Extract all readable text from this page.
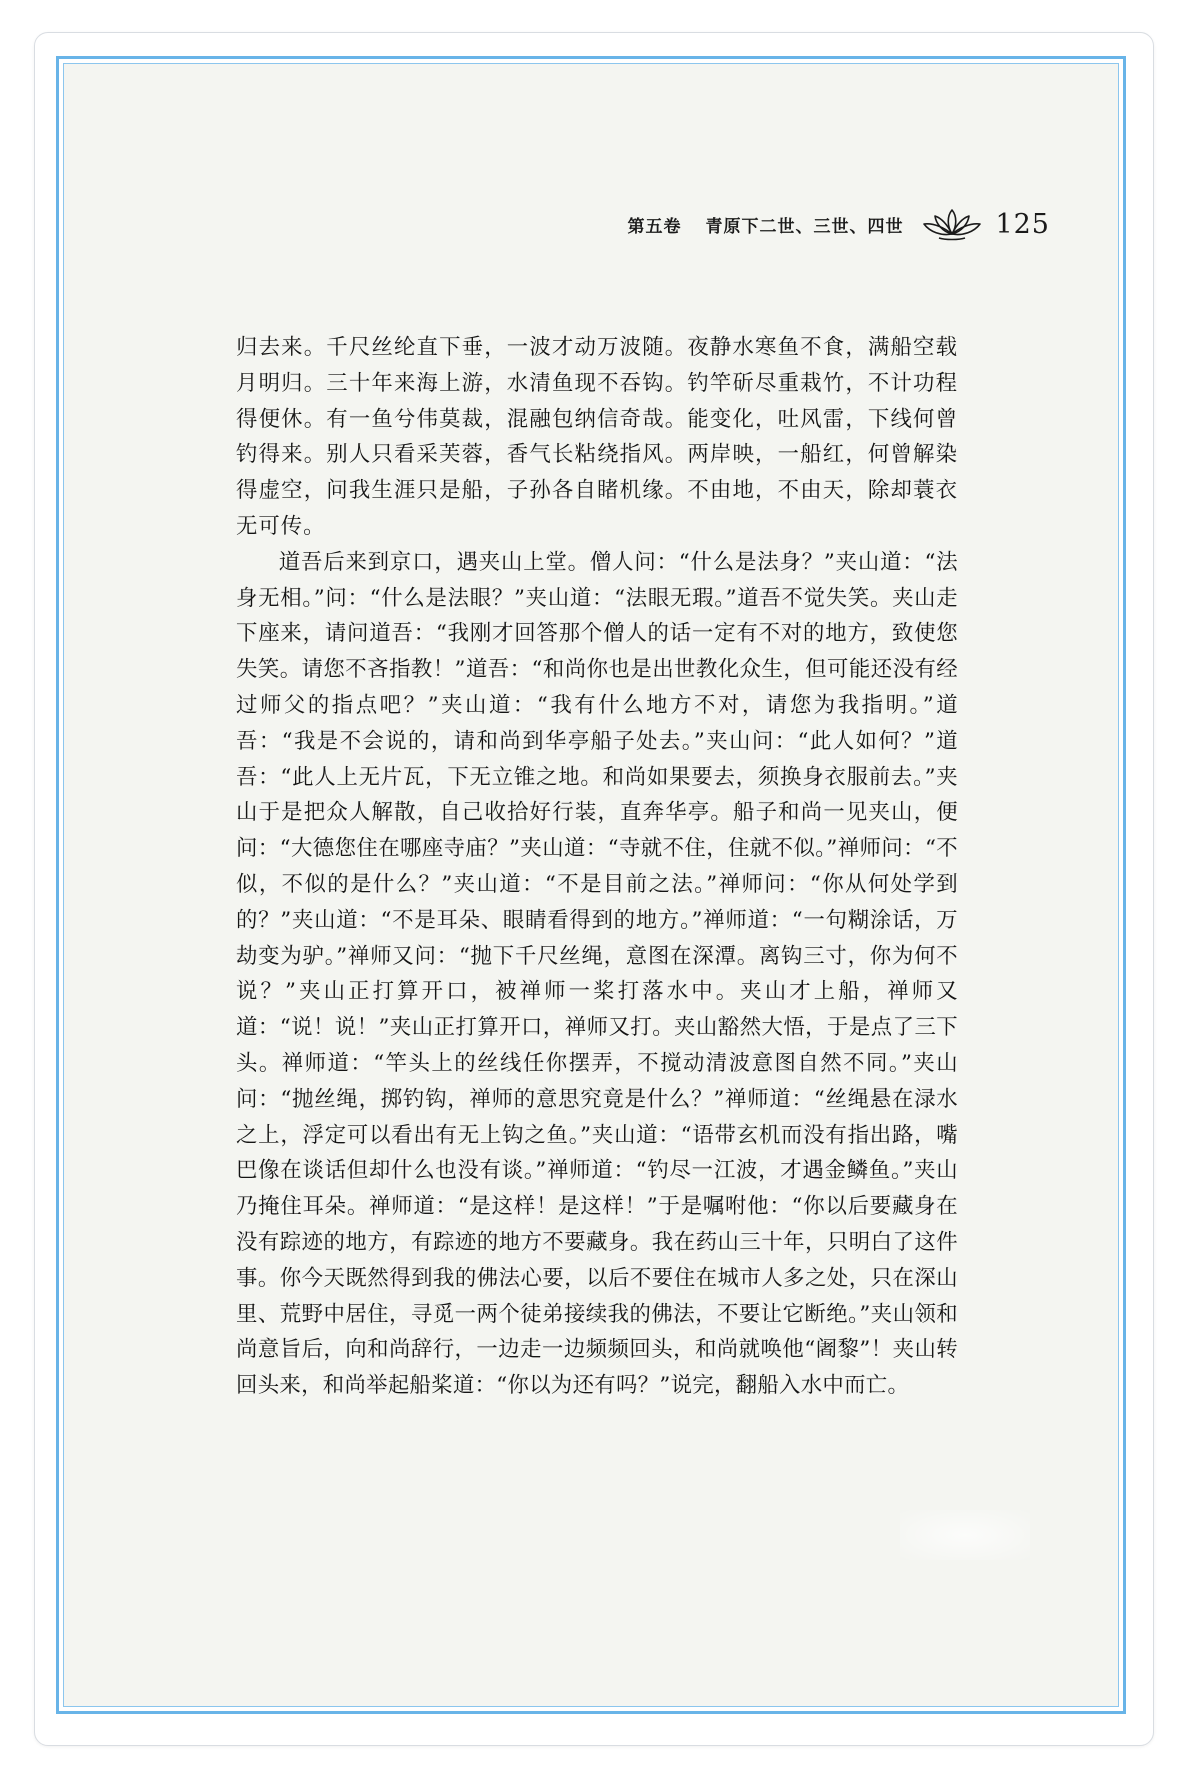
第五卷 青原下二世、三世、四世	125

归去来。千尺丝纶直下垂，一波才动万波随。夜静水寒鱼不食，满船空载月明归。三十年来海上游，水清鱼现不吞钩。钓竿斫尽重栽竹，不计功程得便休。有一鱼兮伟莫裁，混融包纳信奇哉。能变化，吐风雷，下线何曾钓得来。别人只看采芙蓉，香气长粘绕指风。两岸映，一船红，何曾解染得虚空，问我生涯只是船，子孙各自睹机缘。不由地，不由天，除却蓑衣无可传。

道吾后来到京口，遇夹山上堂。僧人问：“什么是法身？”夹山道：“法身无相。”问：“什么是法眼？”夹山道：“法眼无瑕。”道吾不觉失笑。夹山走下座来，请问道吾：“我刚才回答那个僧人的话一定有不对的地方，致使您失笑。请您不吝指教！”道吾：“和尚你也是出世教化众生，但可能还没有经过师父的指点吧？”夹山道：“我有什么地方不对，请您为我指明。”道吾：“我是不会说的，请和尚到华亭船子处去。”夹山问：“此人如何？”道吾：“此人上无片瓦，下无立锥之地。和尚如果要去，须换身衣服前去。”夹山于是把众人解散，自己收拾好行装，直奔华亭。船子和尚一见夹山，便问：“大德您住在哪座寺庙？”夹山道：“寺就不住，住就不似。”禅师问：“不似，不似的是什么？”夹山道：“不是目前之法。”禅师问：“你从何处学到的？”夹山道：“不是耳朵、眼睛看得到的地方。”禅师道：“一句糊涂话，万劫变为驴。”禅师又问：“抛下千尺丝绳，意图在深潭。离钩三寸，你为何不说？”夹山正打算开口，被禅师一桨打落水中。夹山才上船，禅师又道：“说！说！”夹山正打算开口，禅师又打。夹山豁然大悟，于是点了三下头。禅师道：“竿头上的丝线任你摆弄，不搅动清波意图自然不同。”夹山问：“抛丝绳，掷钓钩，禅师的意思究竟是什么？”禅师道：“丝绳悬在渌水之上，浮定可以看出有无上钩之鱼。”夹山道：“语带玄机而没有指出路，嘴巴像在谈话但却什么也没有谈。”禅师道：“钓尽一江波，才遇金鳞鱼。”夹山乃掩住耳朵。禅师道：“是这样！是这样！”于是嘱咐他：“你以后要藏身在没有踪迹的地方，有踪迹的地方不要藏身。我在药山三十年，只明白了这件事。你今天既然得到我的佛法心要，以后不要住在城市人多之处，只在深山里、荒野中居住，寻觅一两个徒弟接续我的佛法，不要让它断绝。”夹山领和尚意旨后，向和尚辞行，一边走一边频频回头，和尚就唤他“阇黎”！夹山转回头来，和尚举起船桨道：“你以为还有吗？”说完，翻船入水中而亡。
